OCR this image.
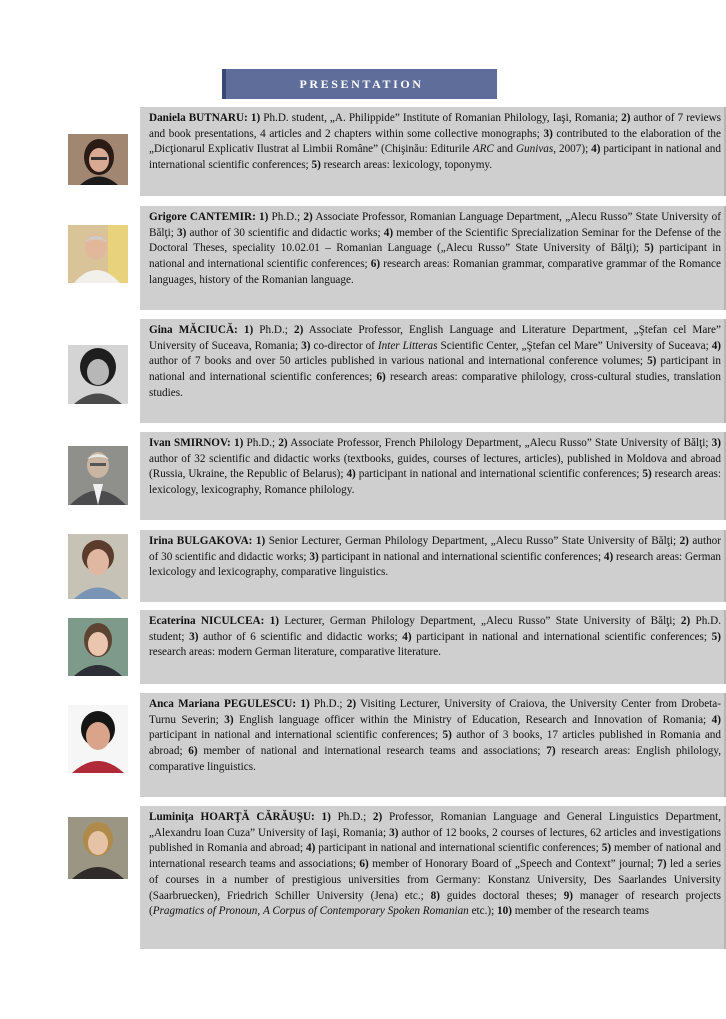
PRESENTATION
Daniela BUTNARU: 1) Ph.D. student, „A. Philippide” Institute of Romanian Philology, Iaşi, Romania; 2) author of 7 reviews and book presentations, 4 articles and 2 chapters within some collective monographs; 3) contributed to the elaboration of the „Dicţionarul Explicativ Ilustrat al Limbii Române” (Chişinău: Editurile ARC and Gunivas, 2007); 4) participant in national and international scientific conferences; 5) research areas: lexicology, toponymy.
Grigore CANTEMIR: 1) Ph.D.; 2) Associate Professor, Romanian Language Department, „Alecu Russo” State University of Bălţi; 3) author of 30 scientific and didactic works; 4) member of the Scientific Sprecialization Seminar for the Defense of the Doctoral Theses, speciality 10.02.01 – Romanian Language („Alecu Russo” State University of Bălţi); 5) participant in national and international scientific conferences; 6) research areas: Romanian grammar, comparative grammar of the Romance languages, history of the Romanian language.
Gina MĂCIUCĂ: 1) Ph.D.; 2) Associate Professor, English Language and Literature Department, „Ştefan cel Mare” University of Suceava, Romania; 3) co-director of Inter Litteras Scientific Center, „Ştefan cel Mare” University of Suceava; 4) author of 7 books and over 50 articles published in various national and international conference volumes; 5) participant in national and international scientific conferences; 6) research areas: comparative philology, cross-cultural studies, translation studies.
Ivan SMIRNOV: 1) Ph.D.; 2) Associate Professor, French Philology Department, „Alecu Russo” State University of Bălţi; 3) author of 32 scientific and didactic works (textbooks, guides, courses of lectures, articles), published in Moldova and abroad (Russia, Ukraine, the Republic of Belarus); 4) participant in national and international scientific conferences; 5) research areas: lexicology, lexicography, Romance philology.
Irina BULGAKOVA: 1) Senior Lecturer, German Philology Department, „Alecu Russo” State University of Bălţi; 2) author of 30 scientific and didactic works; 3) participant in national and international scientific conferences; 4) research areas: German lexicology and lexicography, comparative linguistics.
Ecaterina NICULCEA: 1) Lecturer, German Philology Department, „Alecu Russo” State University of Bălţi; 2) Ph.D. student; 3) author of 6 scientific and didactic works; 4) participant in national and international scientific conferences; 5) research areas: modern German literature, comparative literature.
Anca Mariana PEGULESCU: 1) Ph.D.; 2) Visiting Lecturer, University of Craiova, the University Center from Drobeta-Turnu Severin; 3) English language officer within the Ministry of Education, Research and Innovation of Romania; 4) participant in national and international scientific conferences; 5) author of 3 books, 17 articles published in Romania and abroad; 6) member of national and international research teams and associations; 7) research areas: English philology, comparative linguistics.
Luminiţa HOARŢĂ CĂRĂUŞU: 1) Ph.D.; 2) Professor, Romanian Language and General Linguistics Department, „Alexandru Ioan Cuza” University of Iaşi, Romania; 3) author of 12 books, 2 courses of lectures, 62 articles and investigations published in Romania and abroad; 4) participant in national and international scientific conferences; 5) member of national and international research teams and associations; 6) member of Honorary Board of „Speech and Context” journal; 7) led a series of courses in a number of prestigious universities from Germany: Konstanz University, Des Saarlandes University (Saarbruecken), Friedrich Schiller University (Jena) etc.; 8) guides doctoral theses; 9) manager of research projects (Pragmatics of Pronoun, A Corpus of Contemporary Spoken Romanian etc.); 10) member of the research teams
